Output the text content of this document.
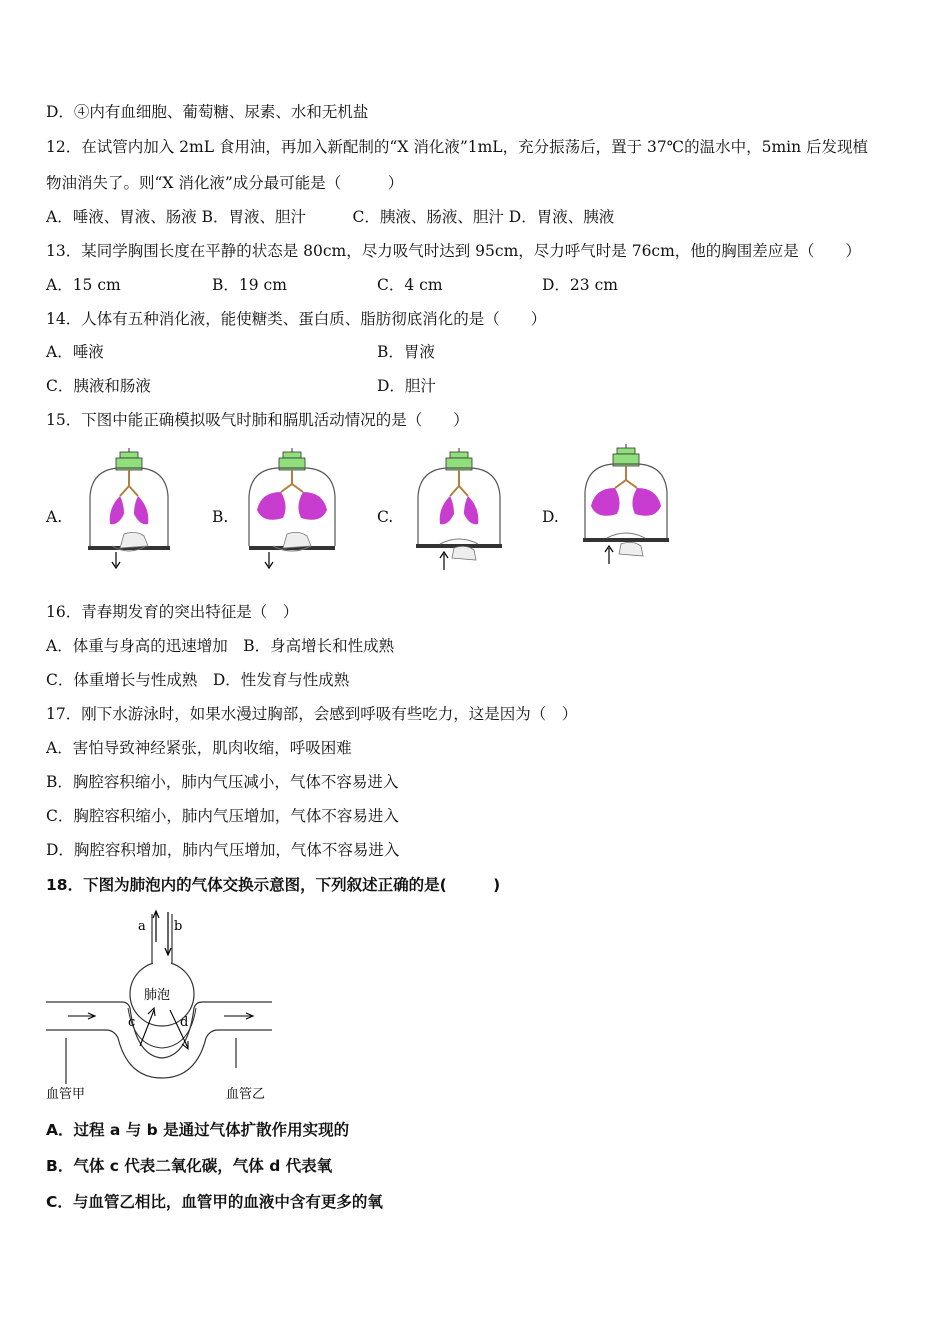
D．④内有血细胞、葡萄糖、尿素、水和无机盐
12．在试管内加入 2mL 食用油，再加入新配制的“X 消化液”1mL，充分振荡后，置于 37℃的温水中，5min 后发现植
物油消失了。则“X 消化液”成分最可能是（　　　）
A．唾液、胃液、肠液 B．胃液、胆汁　　　C．胰液、肠液、胆汁 D．胃液、胰液
13．某同学胸围长度在平静的状态是 80cm，尽力吸气时达到 95cm，尽力呼气时是 76cm，他的胸围差应是（　　）
A．15 cm	B．19 cm	C．4 cm	D．23 cm
14．人体有五种消化液，能使糖类、蛋白质、脂肪彻底消化的是（　　）
A．唾液	B．胃液
C．胰液和肠液	D．胆汁
15．下图中能正确模拟吸气时肺和膈肌活动情况的是（　　）
A.	B.	C.	D.
16．青春期发育的突出特征是（　）
A．体重与身高的迅速增加　B．身高增长和性成熟
C．体重增长与性成熟　D．性发育与性成熟
17．刚下水游泳时，如果水漫过胸部，会感到呼吸有些吃力，这是因为（　）
A．害怕导致神经紧张，肌肉收缩，呼吸困难
B．胸腔容积缩小，肺内气压减小，气体不容易进入
C．胸腔容积缩小，肺内气压增加，气体不容易进入
D．胸腔容积增加，肺内气压增加，气体不容易进入
18．下图为肺泡内的气体交换示意图，下列叙述正确的是(　　　)
a b
肺泡
c	d
血管甲	血管乙
A．过程 a 与 b 是通过气体扩散作用实现的
B．气体 c 代表二氧化碳，气体 d 代表氧
C．与血管乙相比，血管甲的血液中含有更多的氧
